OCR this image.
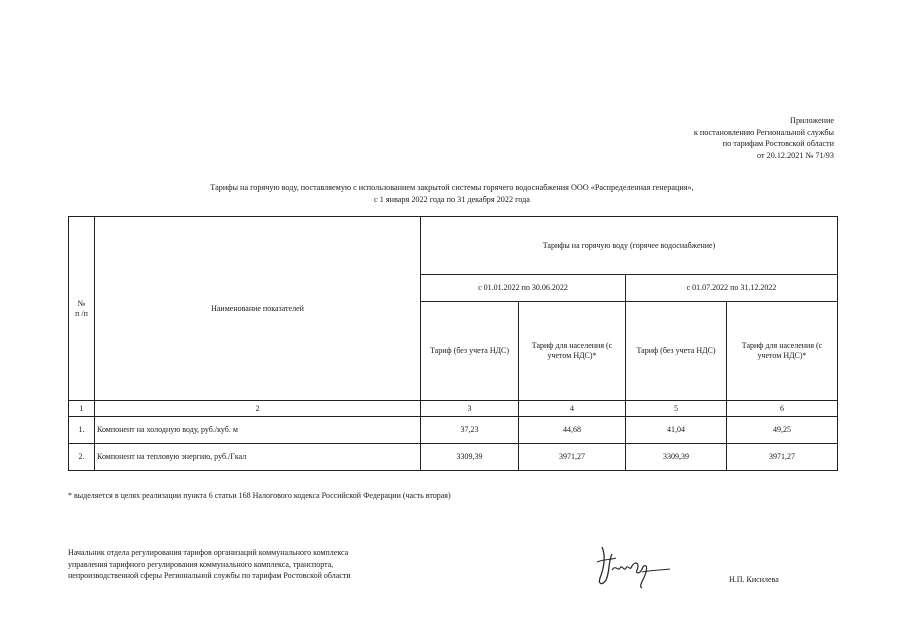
Приложение
к постановлению Региональной службы
по тарифам Ростовской области
от 20.12.2021 № 71/93
Тарифы на горячую воду, поставляемую с использованием закрытой системы горячего водоснабжения ООО «Распределенная генерация»,
с 1 января 2022 года по 31 декабря 2022 года
№
п /п	Наименование показателей	Тарифы на горячую воду (горячее водоснабжение)			
		с 01.01.2022 по 30.06.2022		с 01.07.2022 по 31.12.2022	
		Тариф (без учета НДС)	Тариф для населения (с учетом НДС)*	Тариф (без учета НДС)	Тариф для населения (с учетом НДС)*
1	2	3	4	5	6
1.	Компонент на холодную воду, руб./куб. м	37,23	44,68	41,04	49,25
2.	Компонент на тепловую энергию, руб./Гкал	3309,39	3971,27	3309,39	3971,27
* выделяется в целях реализации пункта 6 статьи 168 Налогового кодекса Российской Федерации (часть вторая)
Начальник отдела регулирования тарифов организаций коммунального комплекса
управления тарифного регулирования коммунального комплекса, транспорта,
непроизводственной сферы Региональной службы по тарифам Ростовской области	Н.П. Кисилева
